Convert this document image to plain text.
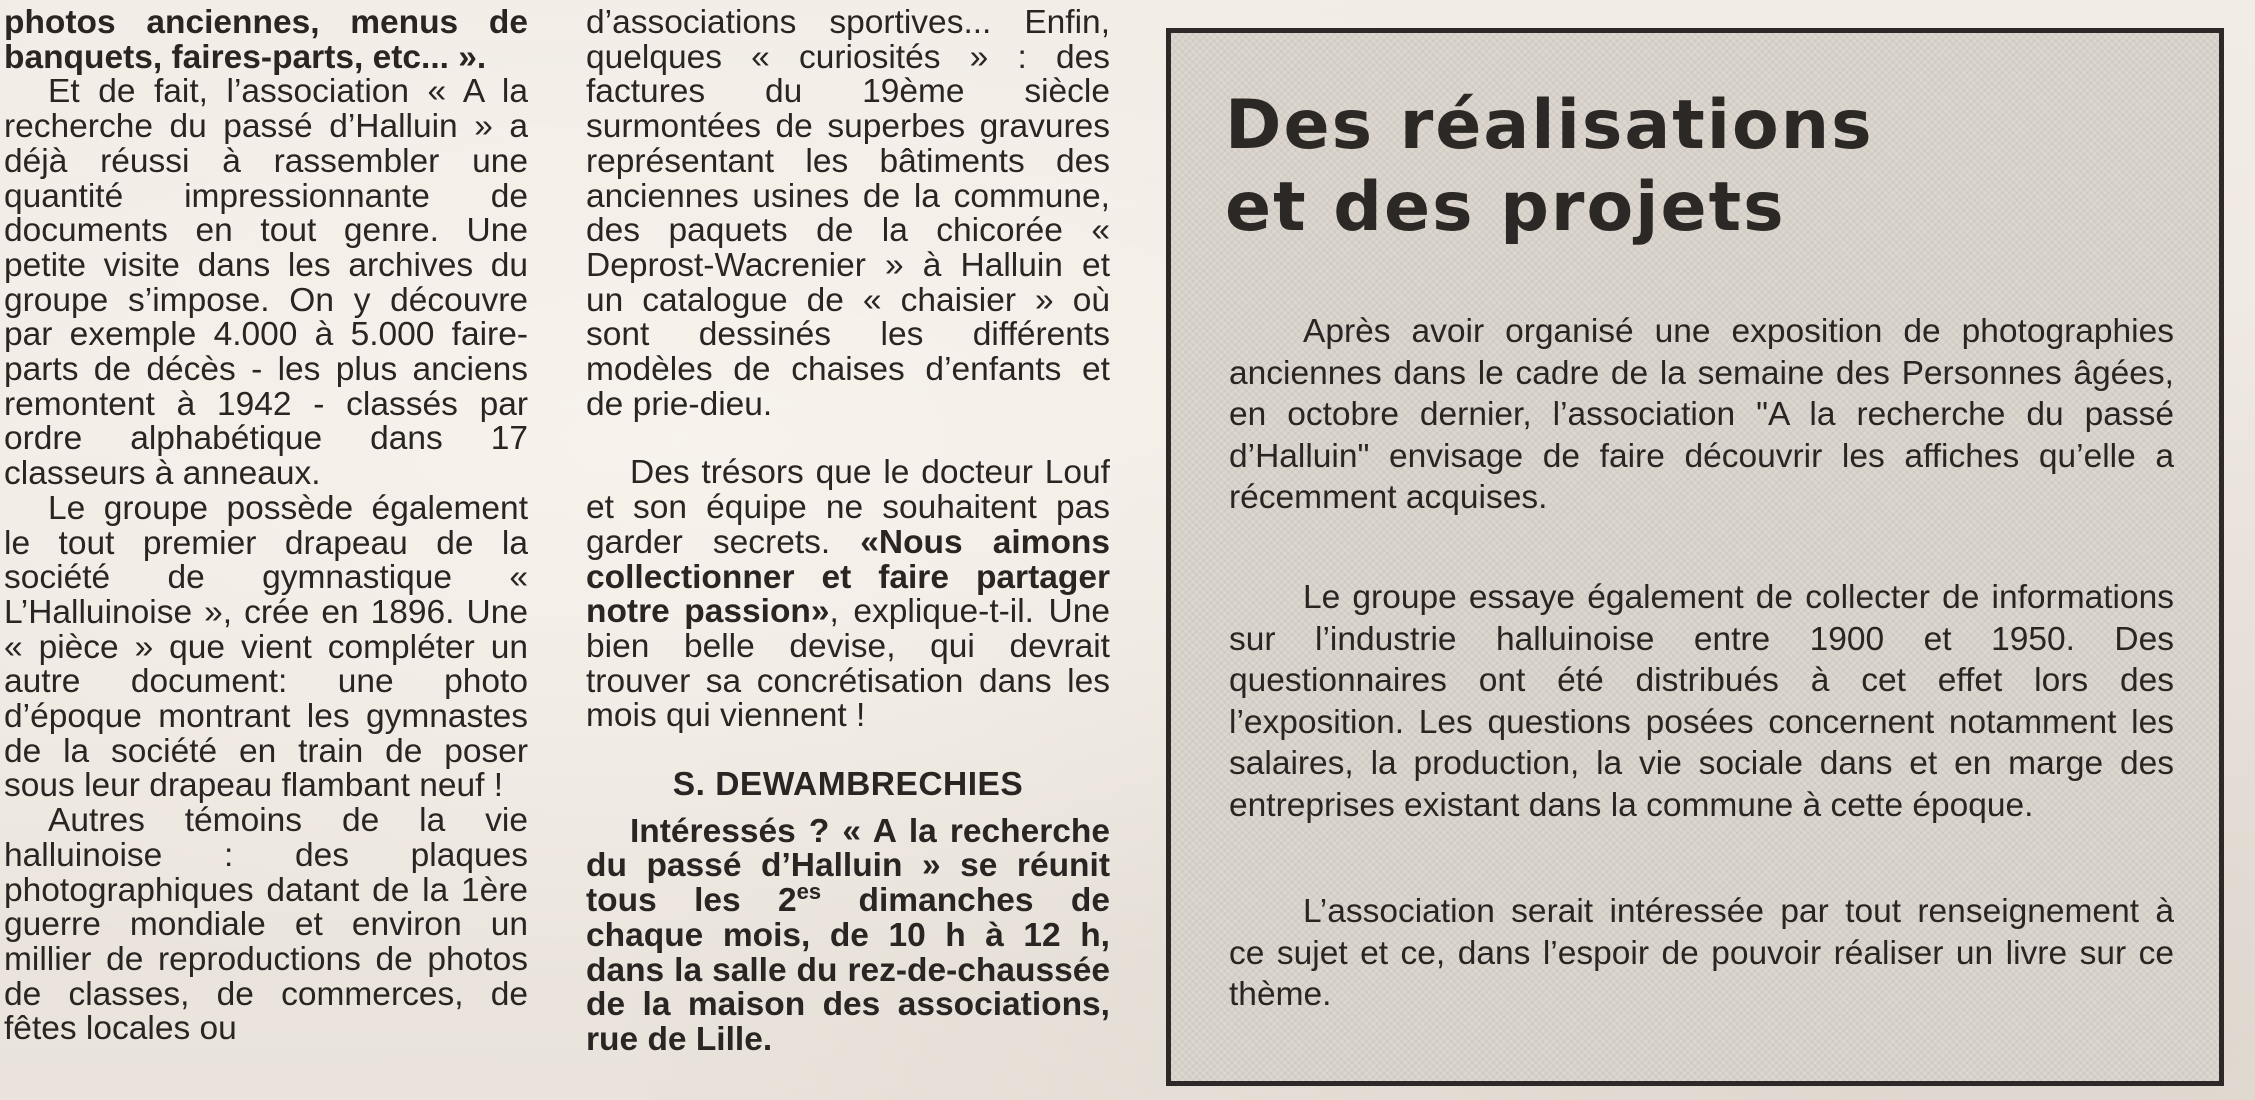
photos anciennes, menus de banquets, faires-parts, etc... ».

Et de fait, l’association « A la recherche du passé d’Halluin » a déjà réussi à rassembler une quantité impressionnante de documents en tout genre. Une petite visite dans les archives du groupe s’impose. On y découvre par exemple 4.000 à 5.000 faire-parts de décès - les plus anciens remontent à 1942 - classés par ordre alphabétique dans 17 classeurs à anneaux.

Le groupe possède également le tout premier drapeau de la société de gymnastique « L’Halluinoise », crée en 1896. Une « pièce » que vient compléter un autre document: une photo d’époque montrant les gymnastes de la société en train de poser sous leur drapeau flambant neuf !

Autres témoins de la vie halluinoise : des plaques photographiques datant de la 1ère guerre mondiale et environ un millier de reproductions de photos de classes, de commerces, de fêtes locales ou

d’associations sportives... Enfin, quelques « curiosités » : des factures du 19ème siècle surmontées de superbes gravures représentant les bâtiments des anciennes usines de la commune, des paquets de la chicorée « Deprost-Wacrenier » à Halluin et un catalogue de « chaisier » où sont dessinés les différents modèles de chaises d’enfants et de prie-dieu.

Des trésors que le docteur Louf et son équipe ne souhaitent pas garder secrets. «Nous aimons collectionner et faire partager notre passion», explique-t-il. Une bien belle devise, qui devrait trouver sa concrétisation dans les mois qui viennent !

S. DEWAMBRECHIES

Intéressés ? « A la recherche du passé d’Halluin » se réunit tous les $2^{es}$ dimanches de chaque mois, de 10 h à 12 h, dans la salle du rez-de-chaussée de la maison des associations, rue de Lille.

Des réalisations
et des projets

Après avoir organisé une exposition de photographies anciennes dans le cadre de la semaine des Personnes âgées, en octobre dernier, l’association "A la recherche du passé d’Halluin" envisage de faire découvrir les affiches qu’elle a récemment acquises.

Le groupe essaye également de collecter de informations sur l’industrie halluinoise entre 1900 et 1950. Des questionnaires ont été distribués à cet effet lors des l’exposition. Les questions posées concernent notamment les salaires, la production, la vie sociale dans et en marge des entreprises existant dans la commune à cette époque.

L’association serait intéressée par tout renseignement à ce sujet et ce, dans l’espoir de pouvoir réaliser un livre sur ce thème.
